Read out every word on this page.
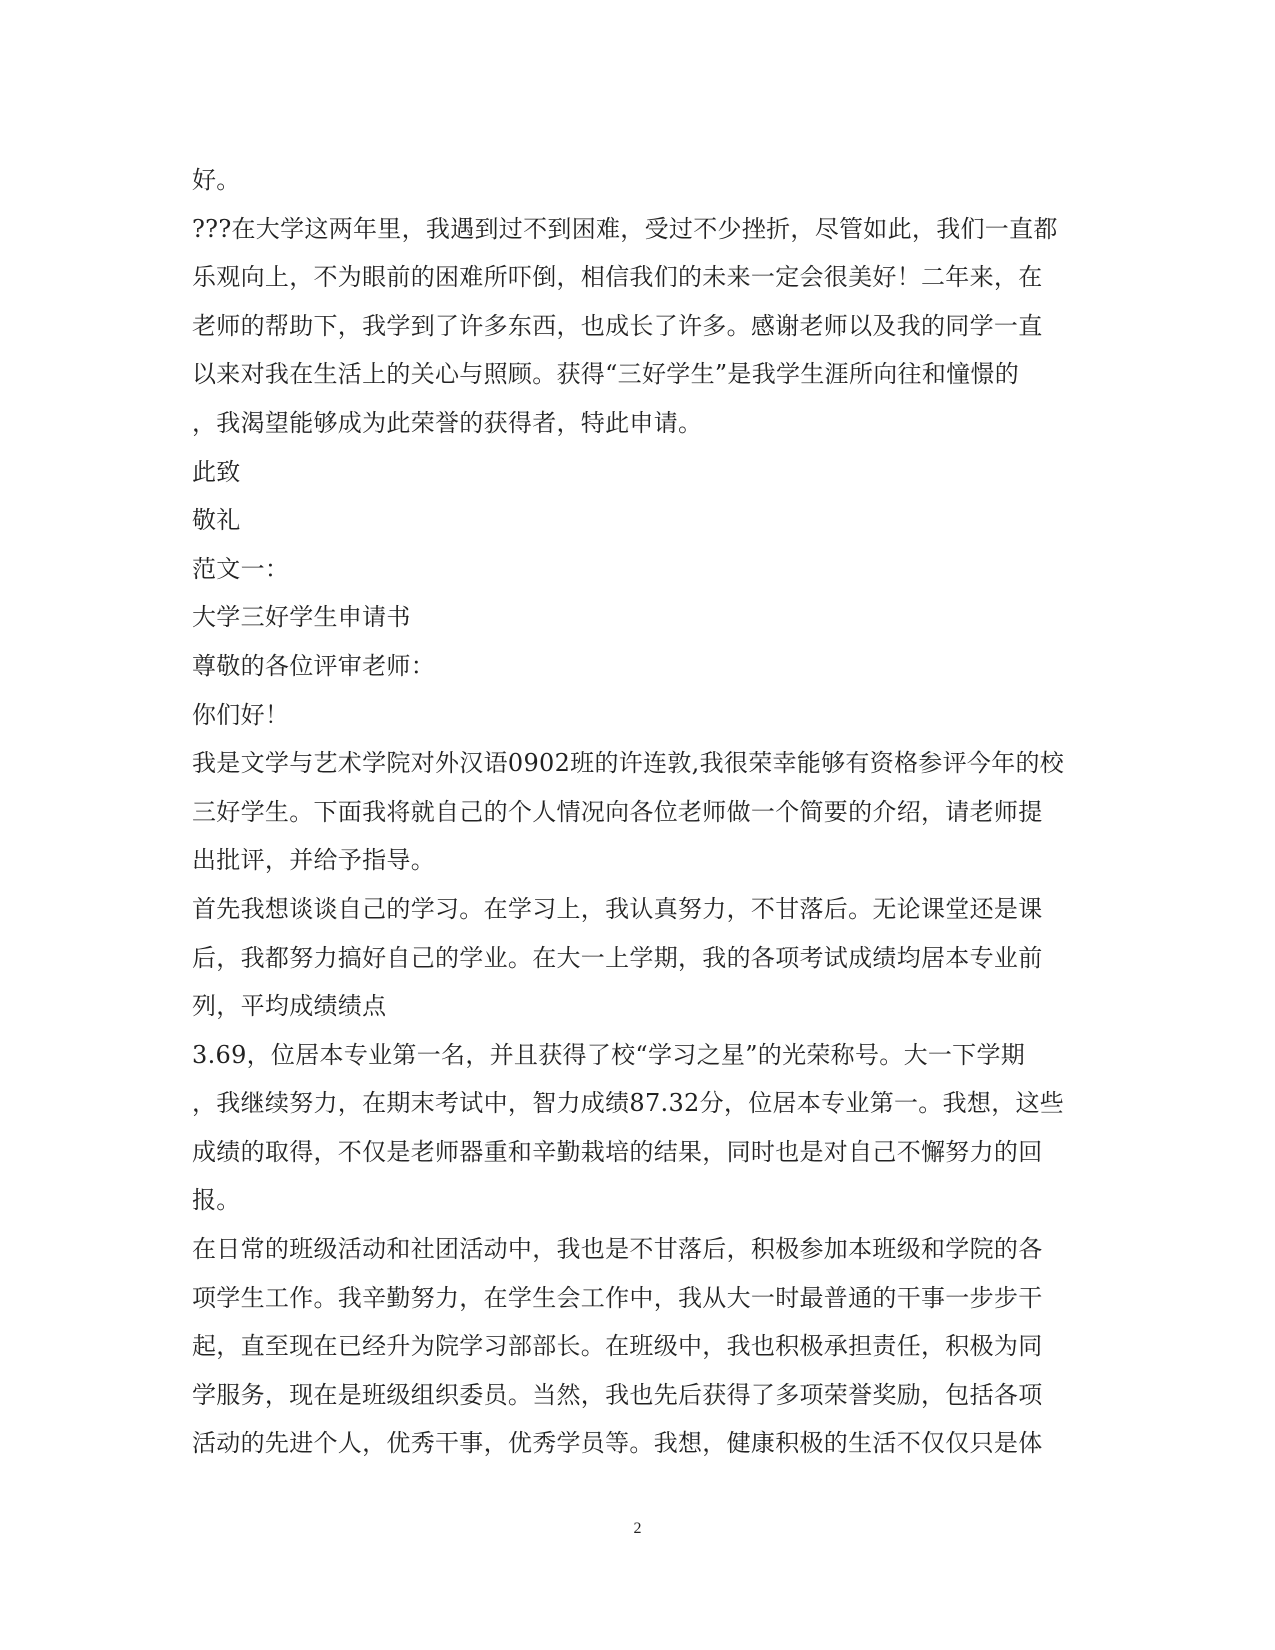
好。
???在大学这两年里，我遇到过不到困难，受过不少挫折，尽管如此，我们一直都
乐观向上，不为眼前的困难所吓倒，相信我们的未来一定会很美好！二年来，在
老师的帮助下，我学到了许多东西，也成长了许多。感谢老师以及我的同学一直
以来对我在生活上的关心与照顾。获得“三好学生”是我学生涯所向往和憧憬的
，我渴望能够成为此荣誉的获得者，特此申请。
此致
敬礼
范文一：
大学三好学生申请书
尊敬的各位评审老师：
你们好！
我是文学与艺术学院对外汉语0902班的许连敦,我很荣幸能够有资格参评今年的校
三好学生。下面我将就自己的个人情况向各位老师做一个简要的介绍，请老师提
出批评，并给予指导。
首先我想谈谈自己的学习。在学习上，我认真努力，不甘落后。无论课堂还是课
后，我都努力搞好自己的学业。在大一上学期，我的各项考试成绩均居本专业前
列，平均成绩绩点
3.69，位居本专业第一名，并且获得了校“学习之星”的光荣称号。大一下学期
，我继续努力，在期末考试中，智力成绩87.32分，位居本专业第一。我想，这些
成绩的取得，不仅是老师器重和辛勤栽培的结果，同时也是对自己不懈努力的回
报。
在日常的班级活动和社团活动中，我也是不甘落后，积极参加本班级和学院的各
项学生工作。我辛勤努力，在学生会工作中，我从大一时最普通的干事一步步干
起，直至现在已经升为院学习部部长。在班级中，我也积极承担责任，积极为同
学服务，现在是班级组织委员。当然，我也先后获得了多项荣誉奖励，包括各项
活动的先进个人，优秀干事，优秀学员等。我想，健康积极的生活不仅仅只是体
2
